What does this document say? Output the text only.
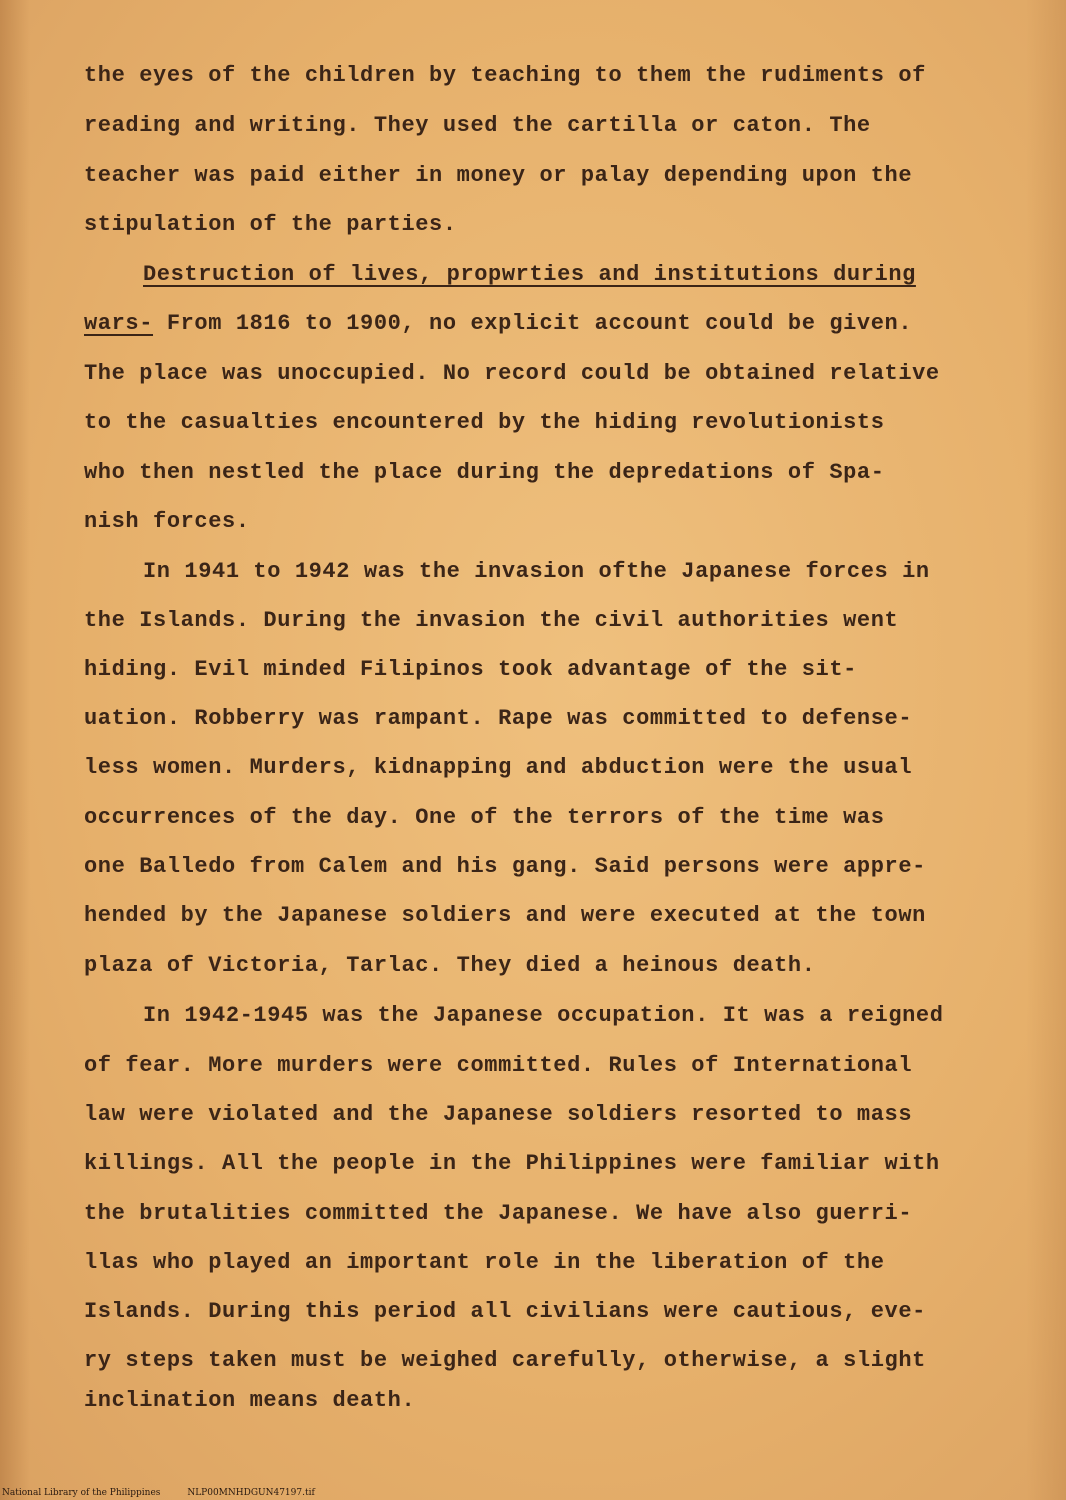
the eyes of the children by teaching to them the rudiments of

reading and writing. They used the cartilla or caton. The

teacher was paid either in money or palay depending upon the

stipulation of the parties.

Destruction of lives, propwrties and institutions during

wars- From 1816 to 1900, no explicit account could be given.

The place was unoccupied. No record could be obtained relative

to the casualties encountered by the hiding revolutionists

who then nestled the place during the depredations of Spa-

nish forces.

In 1941 to 1942 was the invasion ofthe Japanese forces in

the Islands. During the invasion the civil authorities went

hiding. Evil minded Filipinos took advantage of the sit-

uation. Robberry was rampant. Rape was committed to defense-

less women. Murders, kidnapping and abduction were the usual

occurrences of the day. One of the terrors of the time was

one Balledo from Calem and his gang. Said persons were appre-

hended by the Japanese soldiers and were executed at the town

plaza of Victoria, Tarlac. They died a heinous death.

In 1942-1945 was the Japanese occupation. It was a reigned

of fear. More murders were committed. Rules of International

law were violated and the Japanese soldiers resorted to mass

killings. All the people in the Philippines were familiar with

the brutalities committed the Japanese. We have also guerri-

llas who played an important role in the liberation of the

Islands. During this period all civilians were cautious, eve-

ry steps taken must be weighed carefully, otherwise, a slight

inclination means death.

National Library of the Philippines	NLP00MNHDGUN47197.tif
